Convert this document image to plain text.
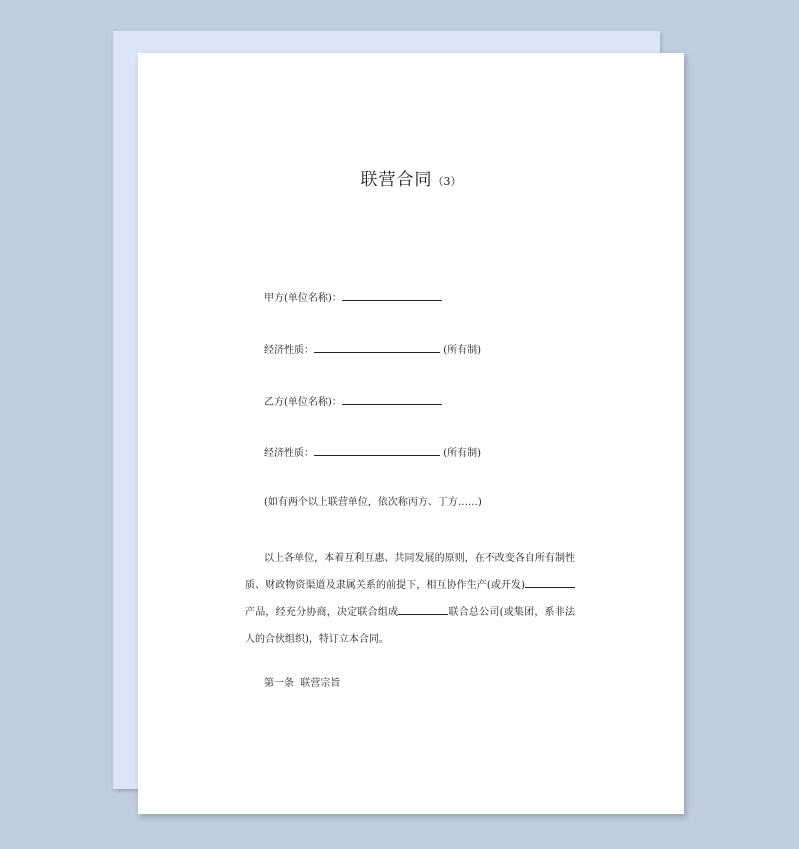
联营合同（3）
甲方(单位名称)：
经济性质：	(所有制)
乙方(单位名称)：
经济性质：	(所有制)
(如有两个以上联营单位，依次称丙方、丁方……)

以上各单位，本着互利互惠、共同发展的原则，在不改变各自所有制性质、财政物资渠道及隶属关系的前提下，相互协作生产(或开发)产品，经充分协商，决定联合组成	联合总公司(或集团，系非法人的合伙组织)，特订立本合同。

第一条 联营宗旨
